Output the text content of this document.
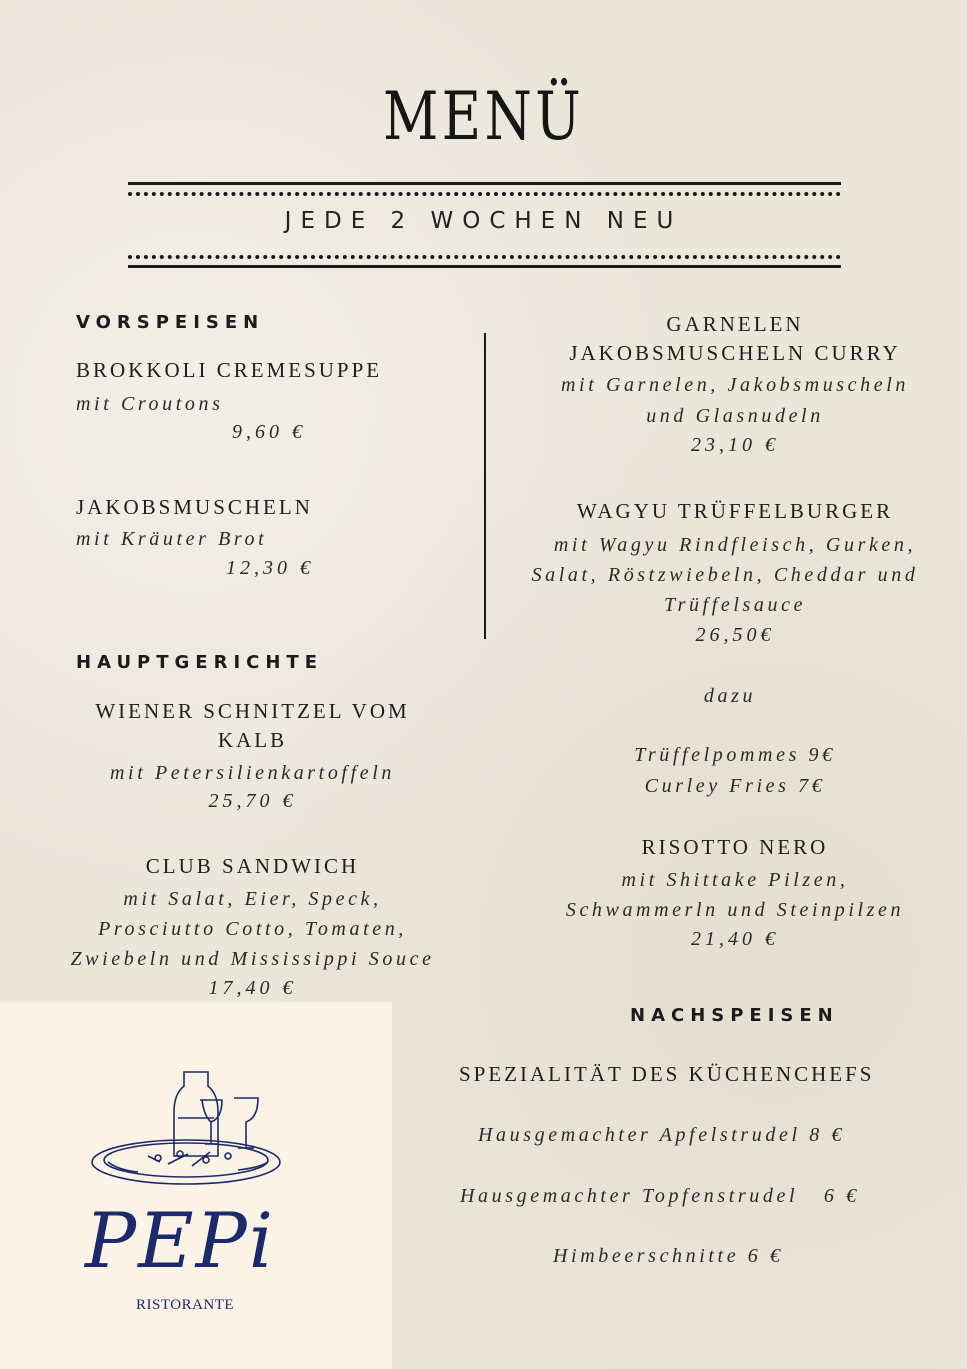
MENÜ
JEDE 2 WOCHEN NEU
VORSPEISEN
BROKKOLI CREMESUPPE
mit Croutons
9,60 €
JAKOBSMUSCHELN
mit Kräuter Brot
12,30 €
HAUPTGERICHTE
WIENER SCHNITZEL VOM
KALB
mit Petersilienkartoffeln
25,70 €
CLUB SANDWICH
mit Salat, Eier, Speck,
Prosciutto Cotto, Tomaten,
Zwiebeln und Mississippi Souce
17,40 €
GARNELEN
JAKOBSMUSCHELN CURRY
mit Garnelen, Jakobsmuscheln
und Glasnudeln
23,10 €
WAGYU TRÜFFELBURGER
mit Wagyu Rindfleisch, Gurken,
Salat, Röstzwiebeln, Cheddar und
Trüffelsauce
26,50€
dazu
Trüffelpommes 9€
Curley Fries 7€
RISOTTO NERO
mit Shittake Pilzen,
Schwammerln und Steinpilzen
21,40 €
NACHSPEISEN
SPEZIALITÄT DES KÜCHENCHEFS
Hausgemachter Apfelstrudel 8 €
Hausgemachter Topfenstrudel   6 €
Himbeerschnitte 6 €
PEPi
RISTORANTE
